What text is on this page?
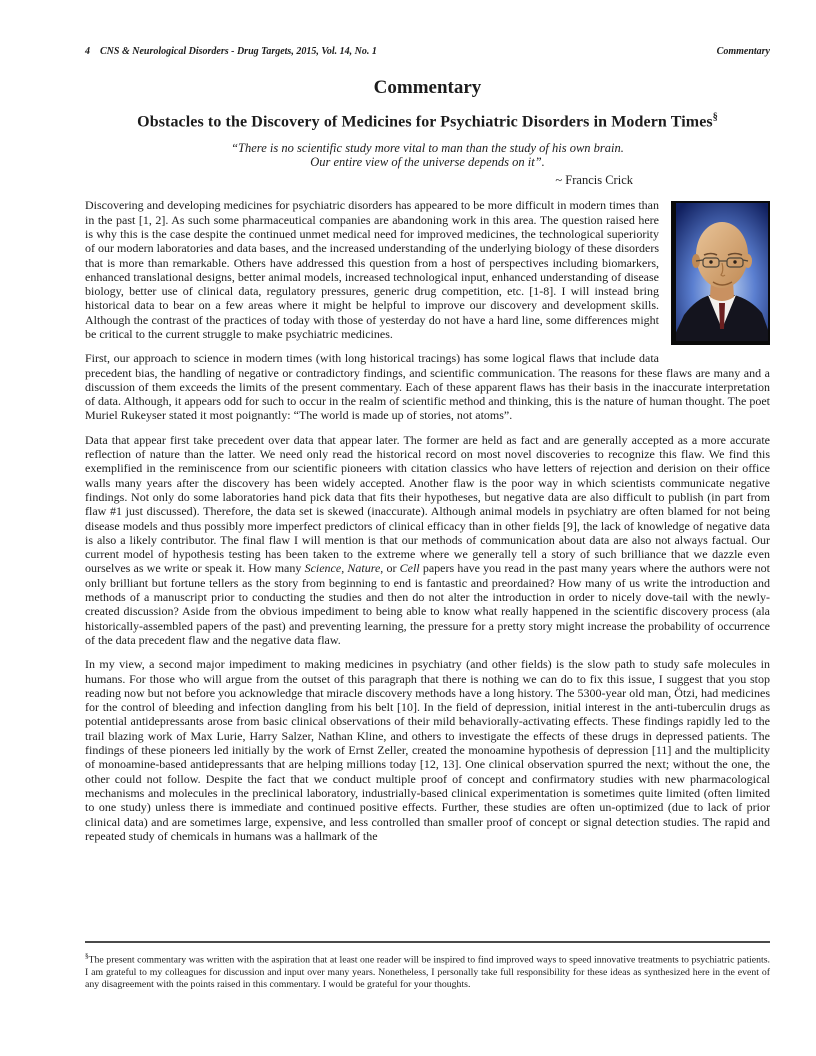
4 CNS & Neurological Disorders - Drug Targets, 2015, Vol. 14, No. 1	Commentary
Commentary
Obstacles to the Discovery of Medicines for Psychiatric Disorders in Modern Times§
“There is no scientific study more vital to man than the study of his own brain.
Our entire view of the universe depends on it”.
~ Francis Crick

Discovering and developing medicines for psychiatric disorders has appeared to be more difficult in modern times than in the past [1, 2]. As such some pharmaceutical companies are abandoning work in this area. The question raised here is why this is the case despite the continued unmet medical need for improved medicines, the technological superiority of our modern laboratories and data bases, and the increased understanding of the underlying biology of these disorders that is more than remarkable. Others have addressed this question from a host of perspectives including biomarkers, enhanced translational designs, better animal models, increased technological input, enhanced understanding of disease biology, better use of clinical data, regulatory pressures, generic drug competition, etc. [1-8]. I will instead bring historical data to bear on a few areas where it might be helpful to improve our discovery and development skills. Although the contrast of the practices of today with those of yesterday do not have a hard line, some differences might be critical to the current struggle to make psychiatric medicines.

First, our approach to science in modern times (with long historical tracings) has some logical flaws that include data precedent bias, the handling of negative or contradictory findings, and scientific communication. The reasons for these flaws are many and a discussion of them exceeds the limits of the present commentary. Each of these apparent flaws has their basis in the inaccurate interpretation of data. Although, it appears odd for such to occur in the realm of scientific method and thinking, this is the nature of human thought. The poet Muriel Rukeyser stated it most poignantly: “The world is made up of stories, not atoms”.

Data that appear first take precedent over data that appear later. The former are held as fact and are generally accepted as a more accurate reflection of nature than the latter. We need only read the historical record on most novel discoveries to recognize this flaw. We find this exemplified in the reminiscence from our scientific pioneers with citation classics who have letters of rejection and derision on their office walls many years after the discovery has been widely accepted. Another flaw is the poor way in which scientists communicate negative findings. Not only do some laboratories hand pick data that fits their hypotheses, but negative data are also difficult to publish (in part from flaw #1 just discussed). Therefore, the data set is skewed (inaccurate). Although animal models in psychiatry are often blamed for not being disease models and thus possibly more imperfect predictors of clinical efficacy than in other fields [9], the lack of knowledge of negative data is also a likely contributor. The final flaw I will mention is that our methods of communication about data are also not always factual. Our current model of hypothesis testing has been taken to the extreme where we generally tell a story of such brilliance that we dazzle even ourselves as we write or speak it. How many Science, Nature, or Cell papers have you read in the past many years where the authors were not only brilliant but fortune tellers as the story from beginning to end is fantastic and preordained? How many of us write the introduction and methods of a manuscript prior to conducting the studies and then do not alter the introduction in order to nicely dove-tail with the newly-created discussion? Aside from the obvious impediment to being able to know what really happened in the scientific discovery process (ala historically-assembled papers of the past) and preventing learning, the pressure for a pretty story might increase the probability of occurrence of the data precedent flaw and the negative data flaw.

In my view, a second major impediment to making medicines in psychiatry (and other fields) is the slow path to study safe molecules in humans. For those who will argue from the outset of this paragraph that there is nothing we can do to fix this issue, I suggest that you stop reading now but not before you acknowledge that miracle discovery methods have a long history. The 5300-year old man, Ötzi, had medicines for the control of bleeding and infection dangling from his belt [10]. In the field of depression, initial interest in the anti-tuberculin drugs as potential antidepressants arose from basic clinical observations of their mild behaviorally-activating effects. These findings rapidly led to the trail blazing work of Max Lurie, Harry Salzer, Nathan Kline, and others to investigate the effects of these drugs in depressed patients. The findings of these pioneers led initially by the work of Ernst Zeller, created the monoamine hypothesis of depression [11] and the multiplicity of monoamine-based antidepressants that are helping millions today [12, 13]. One clinical observation spurred the next; without the one, the other could not follow. Despite the fact that we conduct multiple proof of concept and confirmatory studies with new pharmacological mechanisms and molecules in the preclinical laboratory, industrially-based clinical experimentation is sometimes quite limited (often limited to one study) unless there is immediate and continued positive effects. Further, these studies are often un-optimized (due to lack of prior clinical data) and are sometimes large, expensive, and less controlled than smaller proof of concept or signal detection studies. The rapid and repeated study of chemicals in humans was a hallmark of the

§The present commentary was written with the aspiration that at least one reader will be inspired to find improved ways to speed innovative treatments to psychiatric patients. I am grateful to my colleagues for discussion and input over many years. Nonetheless, I personally take full responsibility for these ideas as synthesized here in the event of any disagreement with the points raised in this commentary. I would be grateful for your thoughts.
